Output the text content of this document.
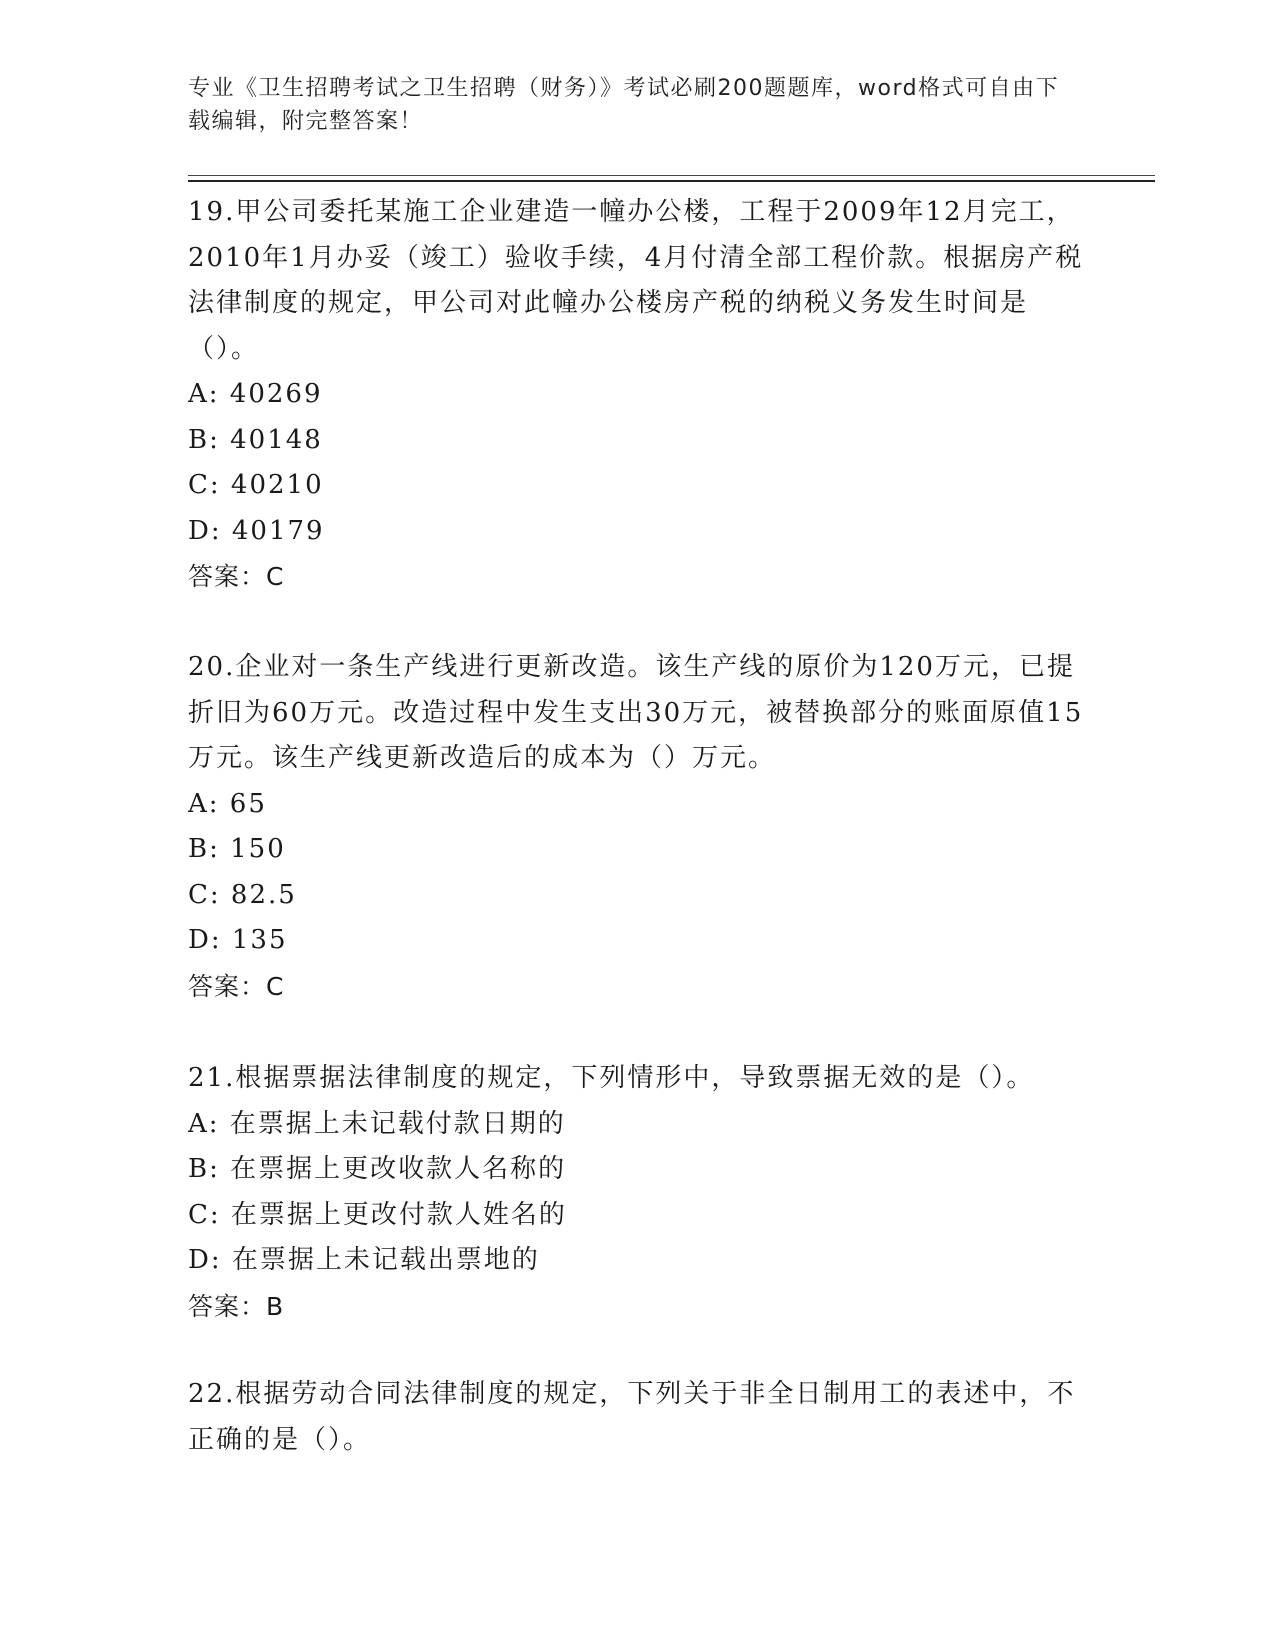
专业《卫生招聘考试之卫生招聘（财务）》考试必刷200题题库，word格式可自由下载编辑，附完整答案！
19.甲公司委托某施工企业建造一幢办公楼，工程于2009年12月完工，2010年1月办妥（竣工）验收手续，4月付清全部工程价款。根据房产税法律制度的规定，甲公司对此幢办公楼房产税的纳税义务发生时间是（）。
A: 40269
B: 40148
C: 40210
D: 40179
答案：C
20.企业对一条生产线进行更新改造。该生产线的原价为120万元，已提折旧为60万元。改造过程中发生支出30万元，被替换部分的账面原值15万元。该生产线更新改造后的成本为（）万元。
A: 65
B: 150
C: 82.5
D: 135
答案：C
21.根据票据法律制度的规定，下列情形中，导致票据无效的是（）。
A: 在票据上未记载付款日期的
B: 在票据上更改收款人名称的
C: 在票据上更改付款人姓名的
D: 在票据上未记载出票地的
答案：B
22.根据劳动合同法律制度的规定，下列关于非全日制用工的表述中，不正确的是（）。
